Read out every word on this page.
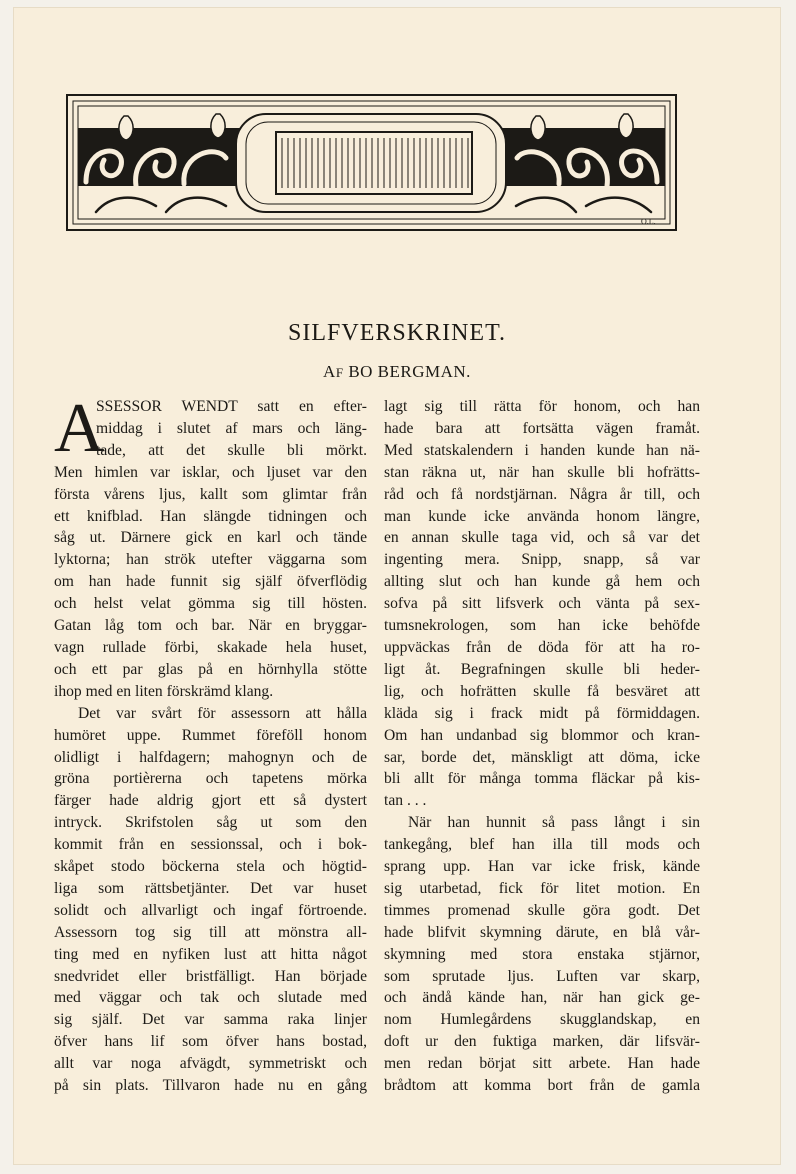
O.L.
SILFVERSKRINET.
AF BO BERGMAN.
A
SSESSOR WENDT satt en efter-
middag i slutet af mars och läng-
tade, att det skulle bli mörkt.
Men himlen var isklar, och ljuset var den
första vårens ljus, kallt som glimtar från
ett knifblad. Han slängde tidningen och
såg ut. Därnere gick en karl och tände
lyktorna; han strök utefter väggarna som
om han hade funnit sig själf öfverflödig
och helst velat gömma sig till hösten.
Gatan låg tom och bar. När en bryggar-
vagn rullade förbi, skakade hela huset,
och ett par glas på en hörnhylla stötte
ihop med en liten förskrämd klang.
Det var svårt för assessorn att hålla
humöret uppe. Rummet föreföll honom
olidligt i halfdagern; mahognyn och de
gröna portièrerna och tapetens mörka
färger hade aldrig gjort ett så dystert
intryck. Skrifstolen såg ut som den
kommit från en sessionssal, och i bok-
skåpet stodo böckerna stela och högtid-
liga som rättsbetjänter. Det var huset
solidt och allvarligt och ingaf förtroende.
Assessorn tog sig till att mönstra all-
ting med en nyfiken lust att hitta något
snedvridet eller bristfälligt. Han började
med väggar och tak och slutade med
sig själf. Det var samma raka linjer
öfver hans lif som öfver hans bostad,
allt var noga afvägdt, symmetriskt och
på sin plats. Tillvaron hade nu en gång
lagt sig till rätta för honom, och han
hade bara att fortsätta vägen framåt.
Med statskalendern i handen kunde han nä-
stan räkna ut, när han skulle bli hofrätts-
råd och få nordstjärnan. Några år till, och
man kunde icke använda honom längre,
en annan skulle taga vid, och så var det
ingenting mera. Snipp, snapp, så var
allting slut och han kunde gå hem och
sofva på sitt lifsverk och vänta på sex-
tumsnekrologen, som han icke behöfde
uppväckas från de döda för att ha ro-
ligt åt. Begrafningen skulle bli heder-
lig, och hofrätten skulle få besväret att
kläda sig i frack midt på förmiddagen.
Om han undanbad sig blommor och kran-
sar, borde det, mänskligt att döma, icke
bli allt för många tomma fläckar på kis-
tan . . .
När han hunnit så pass långt i sin
tankegång, blef han illa till mods och
sprang upp. Han var icke frisk, kände
sig utarbetad, fick för litet motion. En
timmes promenad skulle göra godt. Det
hade blifvit skymning därute, en blå vår-
skymning med stora enstaka stjärnor,
som sprutade ljus. Luften var skarp,
och ändå kände han, när han gick ge-
nom Humlegårdens skugglandskap, en
doft ur den fuktiga marken, där lifsvär-
men redan börjat sitt arbete. Han hade
brådtom att komma bort från de gamla
